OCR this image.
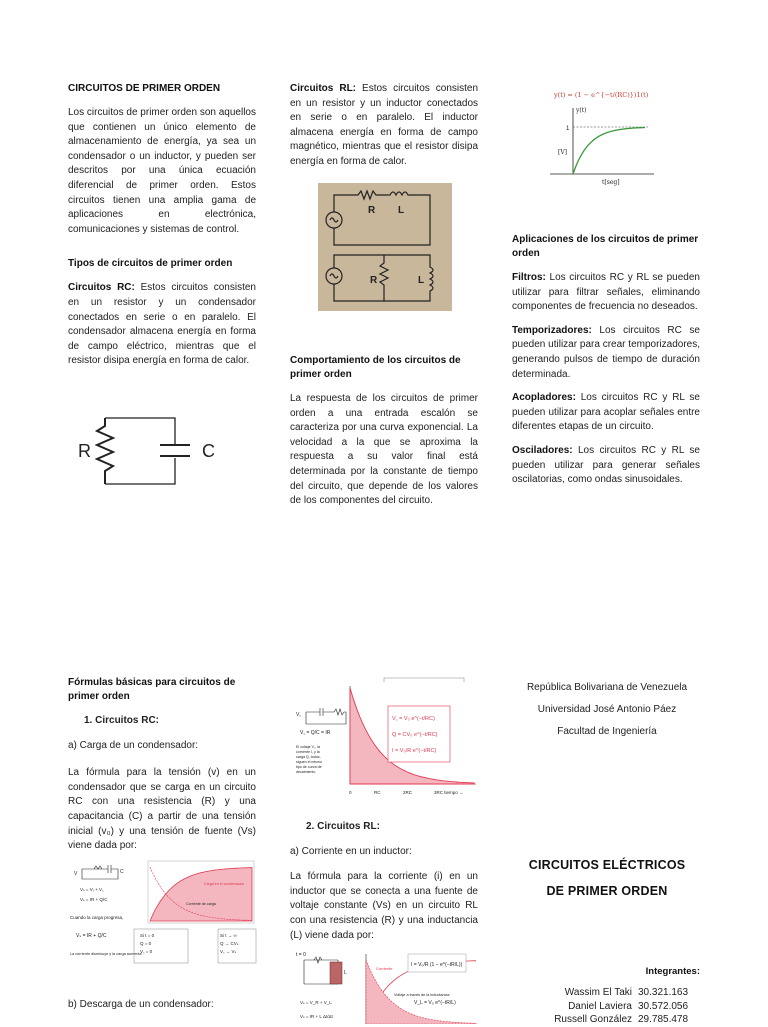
CIRCUITOS DE PRIMER ORDEN

Los circuitos de primer orden son aquellos que contienen un único elemento de almacenamiento de energía, ya sea un condensador o un inductor, y pueden ser descritos por una única ecuación diferencial de primer orden. Estos circuitos tienen una amplia gama de aplicaciones en electrónica, comunicaciones y sistemas de control.

Tipos de circuitos de primer orden

Circuitos RC: Estos circuitos consisten en un resistor y un condensador conectados en serie o en paralelo. El condensador almacena energía en forma de campo eléctrico, mientras que el resistor disipa energía en forma de calor.

R	C

Circuitos RL: Estos circuitos consisten en un resistor y un inductor conectados en serie o en paralelo. El inductor almacena energía en forma de campo magnético, mientras que el resistor disipa energía en forma de calor.

R L
R	L
Comportamiento de los circuitos de primer orden

La respuesta de los circuitos de primer orden a una entrada escalón se caracteriza por una curva exponencial. La velocidad a la que se aproxima la respuesta a su valor final está determinada por la constante de tiempo del circuito, que depende de los valores de los componentes del circuito.

y(t) = (1 − e^{−t/(RC)})1(t)
y(t)
1
[V]
t[seg]
Aplicaciones de los circuitos de primer orden

Filtros: Los circuitos RC y RL se pueden utilizar para filtrar señales, eliminando componentes de frecuencia no deseados.

Temporizadores: Los circuitos RC se pueden utilizar para crear temporizadores, generando pulsos de tiempo de duración determinada.

Acopladores: Los circuitos RC y RL se pueden utilizar para acoplar señales entre diferentes etapas de un circuito.

Osciladores: Los circuitos RC y RL se pueden utilizar para generar señales oscilatorias, como ondas sinusoidales.

Fórmulas básicas para circuitos de primer orden
1. Circuitos RC:

a) Carga de un condensador:

La fórmula para la tensión (v) en un condensador que se carga en un circuito RC con una resistencia (R) y una capacitancia (C) a partir de una tensión inicial (v₀) y una tensión de fuente (Vs) viene dada por:

V	C
Vₛ = Vᵣ + V꜀
Vₛ = IR + Q/C
Cuando la carga progresa,
Vₛ = IR + Q/C
La corriente disminuye y la carga aumenta.
Carga en el condensador
Corriente de carga
Si t = 0
Q = 0
V꜀ = 0
Si t → ∞
Q → CVₛ
V꜀ → Vₛ

b) Descarga de un condensador:

V꜀
V꜀ = Q/C = IR
El voltaje V꜀, la corriente I, y la carga Q, todos, siguen el mismo tipo de curva de decaimiento
V꜀ = V₀ e^(−t/RC)
Q = CV₀ e^(−t/RC)
I = V₀/R e^(−t/RC)
0	RC	2RC	3RC tiempo →
2. Circuitos RL:

a) Corriente en un inductor:

La fórmula para la corriente (i) en un inductor que se conecta a una fuente de voltaje constante (Vs) en un circuito RL con una resistencia (R) y una inductancia (L) viene dada por:

t = 0
L
Vₛ = V_R + V_L
Vₛ = IR + L ΔI/Δt
Corriente
I = V₀/R (1 − e^(−tR/L))
Voltaje a través de la inductancia
V_L = V₀ e^(−tR/L)
República Bolivariana de Venezuela
Universidad José Antonio Páez
Facultad de Ingeniería
CIRCUITOS ELÉCTRICOS
DE PRIMER ORDEN
Integrantes:
Wassim El Taki 30.321.163
Daniel Laviera 30.572.056
Russell González 29.785.478
